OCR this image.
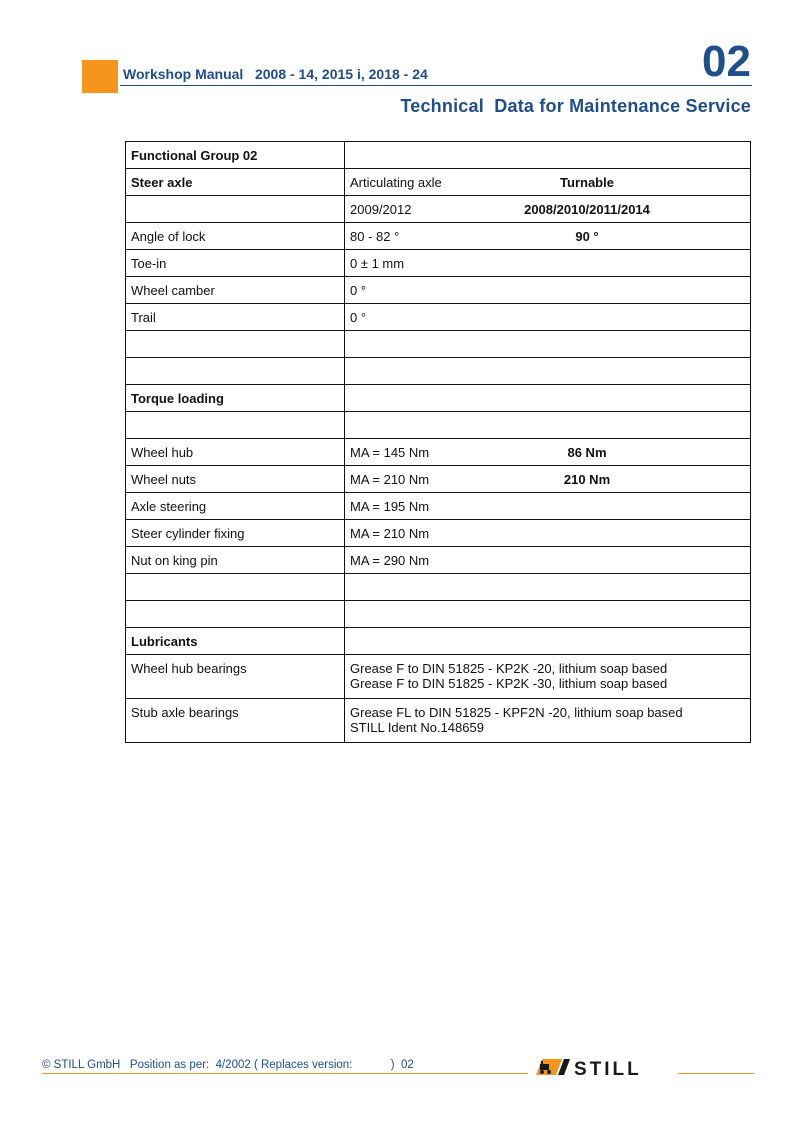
Workshop Manual   2008 - 14, 2015 i, 2018 - 24	02
Technical  Data for Maintenance Service
Functional Group 02	

Steer axle	Articulating axle Turnable

	2009/2012 2008/2010/2011/2014

Angle of lock	80 - 82 ° 90 °

Toe-in	0 ± 1 mm

Wheel camber	0 °

Trail	0 °

Torque loading	

Wheel hub	MA = 145 Nm 86 Nm

Wheel nuts	MA = 210 Nm 210 Nm

Axle steering	MA = 195 Nm

Steer cylinder fixing	MA = 210 Nm

Nut on king pin	MA = 290 Nm

Lubricants	

Wheel hub bearings	Grease F to DIN 51825 - KP2K -20, lithium soap based
Grease F to DIN 51825 - KP2K -30, lithium soap based

Stub axle bearings	Grease FL to DIN 51825 - KPF2N -20, lithium soap based
STILL Ident No.148659
© STILL GmbH   Position as per:  4/2002 ( Replaces version:            )  02	STILL
